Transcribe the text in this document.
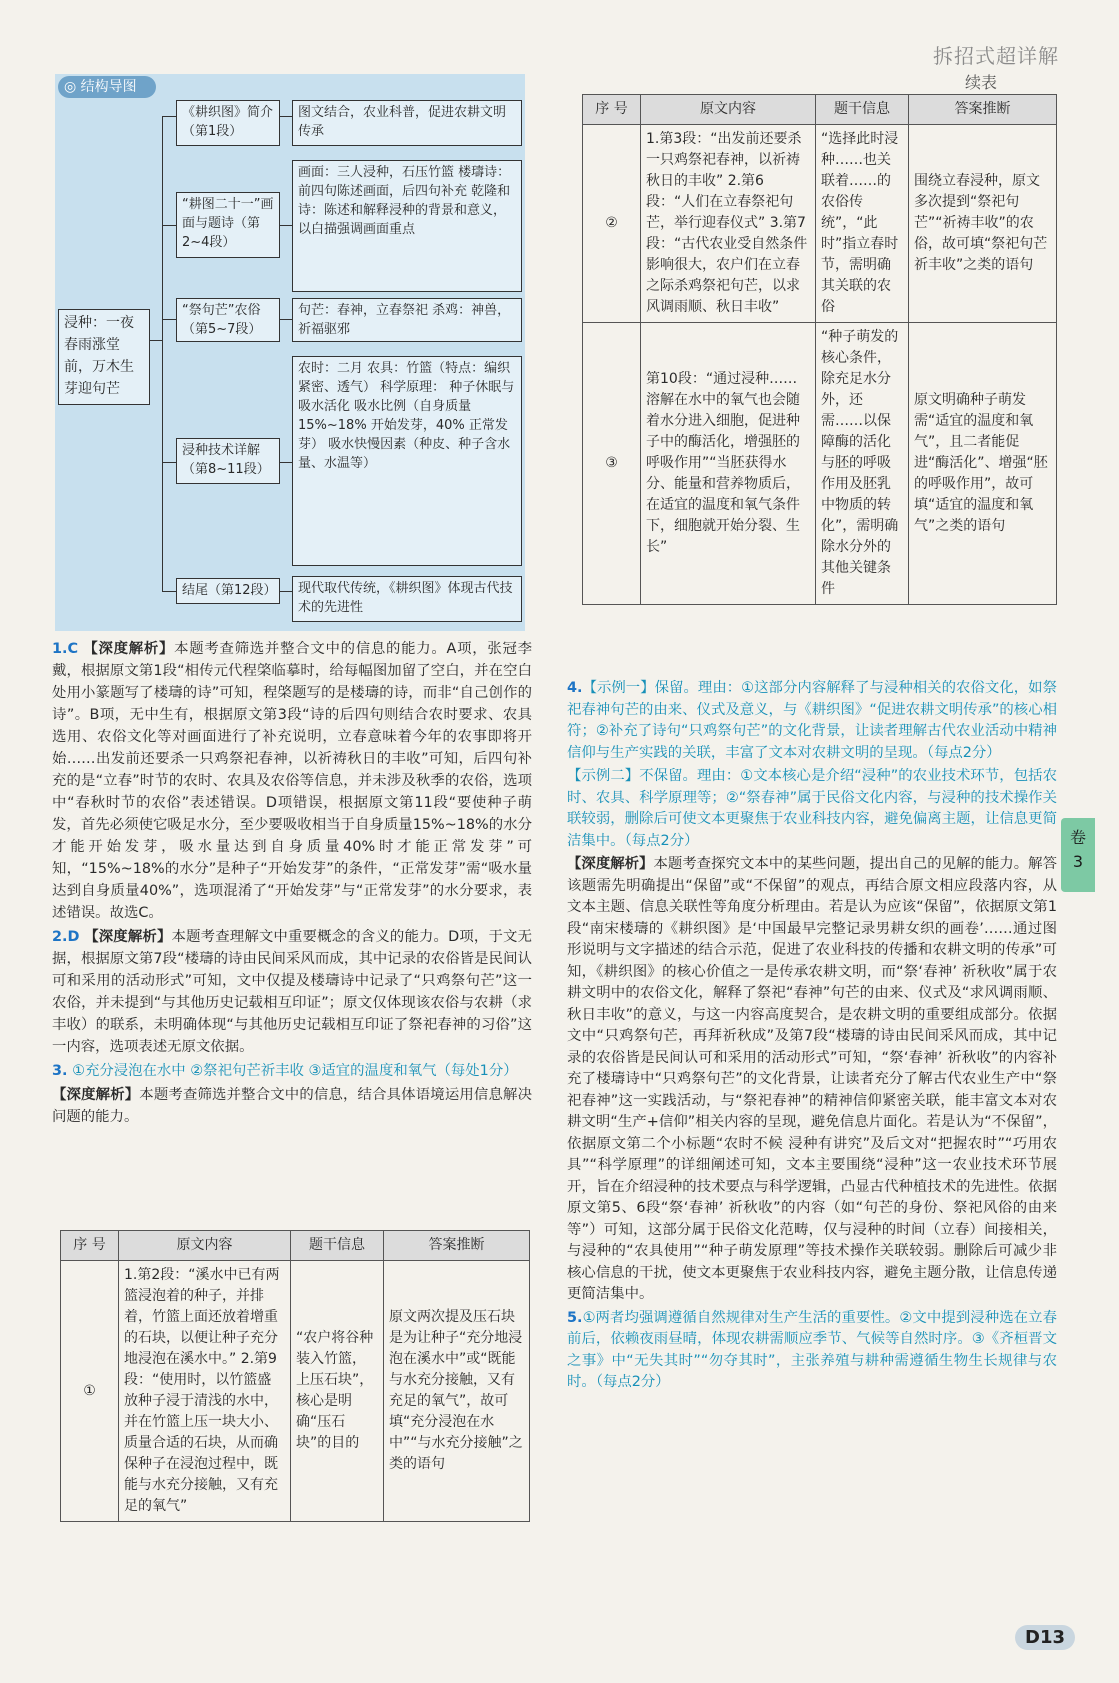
拆招式超详解
续表
◎ 结构导图
浸种：一夜春雨涨堂前，万木生芽迎句芒
《耕织图》简介（第1段）
图文结合，农业科普，促进农耕文明传承
“耕图二十一”画面与题诗（第2~4段）
画面：三人浸种，石压竹篮 楼璹诗：前四句陈述画面，后四句补充 乾隆和诗：陈述和解释浸种的背景和意义，以白描强调画面重点
“祭句芒”农俗（第5~7段）
句芒：春神，立春祭祀 杀鸡：神兽，祈福驱邪
浸种技术详解（第8~11段）
农时：二月 农具：竹篮（特点：编织紧密、透气） 科学原理： 种子休眠与吸水活化 吸水比例（自身质量15%~18% 开始发芽，40% 正常发芽） 吸水快慢因素（种皮、种子含水量、水温等）
结尾（第12段）	现代取代传统，《耕织图》体现古代技术的先进性

1.C 【深度解析】本题考查筛选并整合文中的信息的能力。A项，张冠李戴，根据原文第1段“相传元代程棨临摹时，给每幅图加留了空白，并在空白处用小篆题写了楼璹的诗”可知，程棨题写的是楼璹的诗，而非“自己创作的诗”。B项，无中生有，根据原文第3段“诗的后四句则结合农时要求、农具选用、农俗文化等对画面进行了补充说明，立春意味着今年的农事即将开始……出发前还要杀一只鸡祭祀春神，以祈祷秋日的丰收”可知，后四句补充的是“立春”时节的农时、农具及农俗等信息，并未涉及秋季的农俗，选项中“春秋时节的农俗”表述错误。D项错误，根据原文第11段“要使种子萌发，首先必须使它吸足水分，至少要吸收相当于自身质量15%~18%的水分才能开始发芽，吸水量达到自身质量40%时才能正常发芽”可知，“15%~18%的水分”是种子“开始发芽”的条件，“正常发芽”需“吸水量达到自身质量40%”，选项混淆了“开始发芽”与“正常发芽”的水分要求，表述错误。故选C。

2.D 【深度解析】本题考查理解文中重要概念的含义的能力。D项，于文无据，根据原文第7段“楼璹的诗由民间采风而成，其中记录的农俗皆是民间认可和采用的活动形式”可知，文中仅提及楼璹诗中记录了“只鸡祭句芒”这一农俗，并未提到“与其他历史记载相互印证”；原文仅体现该农俗与农耕（求丰收）的联系，未明确体现“与其他历史记载相互印证了祭祀春神的习俗”这一内容，选项表述无原文依据。

3. ①充分浸泡在水中 ②祭祀句芒祈丰收 ③适宜的温度和氧气（每处1分）

【深度解析】本题考查筛选并整合文中的信息，结合具体语境运用信息解决问题的能力。

序 号	原文内容	题干信息	答案推断
①	1.第2段：“溪水中已有两篮浸泡着的种子，并排着，竹篮上面还放着增重的石块，以便让种子充分地浸泡在溪水中。” 2.第9段：“使用时，以竹篮盛放种子浸于清浅的水中，并在竹篮上压一块大小、质量合适的石块，从而确保种子在浸泡过程中，既能与水充分接触，又有充足的氧气”	“农户将谷种装入竹篮，上压石块”，核心是明确“压石块”的目的	原文两次提及压石块是为让种子“充分地浸泡在溪水中”或“既能与水充分接触，又有充足的氧气”，故可填“充分浸泡在水中”“与水充分接触”之类的语句
序 号	原文内容	题干信息	答案推断
②	1.第3段：“出发前还要杀一只鸡祭祀春神，以祈祷秋日的丰收” 2.第6段：“人们在立春祭祀句芒，举行迎春仪式” 3.第7段：“古代农业受自然条件影响很大，农户们在立春之际杀鸡祭祀句芒，以求风调雨顺、秋日丰收”	“选择此时浸种……也关联着……的农俗传统”，“此时”指立春时节，需明确其关联的农俗	围绕立春浸种，原文多次提到“祭祀句芒”“祈祷丰收”的农俗，故可填“祭祀句芒祈丰收”之类的语句
③	第10段：“通过浸种……溶解在水中的氧气也会随着水分进入细胞，促进种子中的酶活化，增强胚的呼吸作用”“当胚获得水分、能量和营养物质后，在适宜的温度和氧气条件下，细胞就开始分裂、生长”	“种子萌发的核心条件，除充足水分外，还需……以保障酶的活化与胚的呼吸作用及胚乳中物质的转化”，需明确除水分外的其他关键条件	原文明确种子萌发需“适宜的温度和氧气”，且二者能促进“酶活化”、增强“胚的呼吸作用”，故可填“适宜的温度和氧气”之类的语句

4.【示例一】保留。理由：①这部分内容解释了与浸种相关的农俗文化，如祭祀春神句芒的由来、仪式及意义，与《耕织图》“促进农耕文明传承”的核心相符；②补充了诗句“只鸡祭句芒”的文化背景，让读者理解古代农业活动中精神信仰与生产实践的关联，丰富了文本对农耕文明的呈现。（每点2分）

【示例二】不保留。理由：①文本核心是介绍“浸种”的农业技术环节，包括农时、农具、科学原理等；②“祭春神”属于民俗文化内容，与浸种的技术操作关联较弱，删除后可使文本更聚焦于农业科技内容，避免偏离主题，让信息更简洁集中。（每点2分）

【深度解析】本题考查探究文本中的某些问题，提出自己的见解的能力。解答该题需先明确提出“保留”或“不保留”的观点，再结合原文相应段落内容，从文本主题、信息关联性等角度分析理由。若是认为应该“保留”，依据原文第1段“南宋楼璹的《耕织图》是‘中国最早完整记录男耕女织的画卷’……通过图形说明与文字描述的结合示范，促进了农业科技的传播和农耕文明的传承”可知，《耕织图》的核心价值之一是传承农耕文明，而“祭‘春神’ 祈秋收”属于农耕文明中的农俗文化，解释了祭祀“春神”句芒的由来、仪式及“求风调雨顺、秋日丰收”的意义，与这一内容高度契合，是农耕文明的重要组成部分。依据文中“只鸡祭句芒，再拜祈秋成”及第7段“楼璹的诗由民间采风而成，其中记录的农俗皆是民间认可和采用的活动形式”可知，“祭‘春神’ 祈秋收”的内容补充了楼璹诗中“只鸡祭句芒”的文化背景，让读者充分了解古代农业生产中“祭祀春神”这一实践活动，与“祭祀春神”的精神信仰紧密关联，能丰富文本对农耕文明“生产+信仰”相关内容的呈现，避免信息片面化。若是认为“不保留”，依据原文第二个小标题“农时不候 浸种有讲究”及后文对“把握农时”“巧用农具”“科学原理”的详细阐述可知，文本主要围绕“浸种”这一农业技术环节展开，旨在介绍浸种的技术要点与科学逻辑，凸显古代种植技术的先进性。依据原文第5、6段“祭‘春神’ 祈秋收”的内容（如“句芒的身份、祭祀风俗的由来等”）可知，这部分属于民俗文化范畴，仅与浸种的时间（立春）间接相关，与浸种的“农具使用”“种子萌发原理”等技术操作关联较弱。删除后可减少非核心信息的干扰，使文本更聚焦于农业科技内容，避免主题分散，让信息传递更简洁集中。

5.①两者均强调遵循自然规律对生产生活的重要性。②文中提到浸种选在立春前后，依赖夜雨昼晴，体现农耕需顺应季节、气候等自然时序。③《齐桓晋文之事》中“无失其时”“勿夺其时”，主张养殖与耕种需遵循生物生长规律与农时。（每点2分）

卷
3
D13
